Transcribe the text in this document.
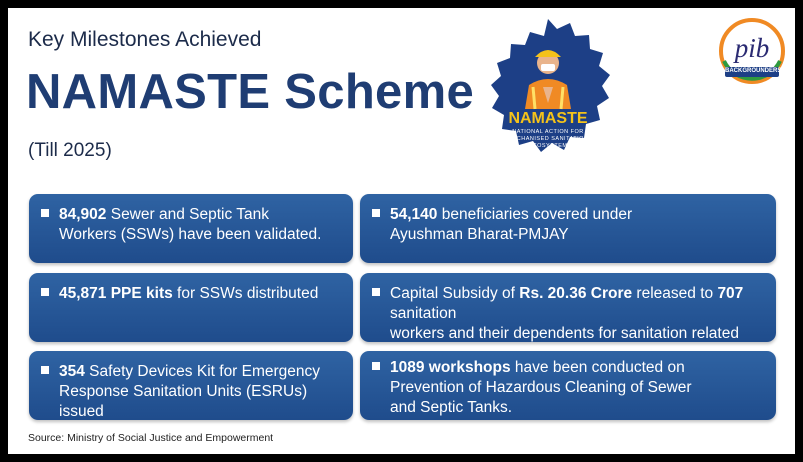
Key Milestones Achieved
NAMASTE Scheme
(Till 2025)
NAMASTE
NATIONAL ACTION FOR
MECHANISED SANITATION
ECOSYSTEM
pib
BACKGROUNDERS
84,902 Sewer and Septic Tank
Workers (SSWs) have been validated.
54,140 beneficiaries covered under
Ayushman Bharat-PMJAY
45,871 PPE kits for SSWs distributed	Capital Subsidy of Rs. 20.36 Crore released to 707 sanitation
workers and their dependents for sanitation related
354 Safety Devices Kit for Emergency
Response Sanitation Units (ESRUs) issued
1089 workshops have been conducted on
Prevention of Hazardous Cleaning of Sewer
and Septic Tanks.
Source: Ministry of Social Justice and Empowerment
